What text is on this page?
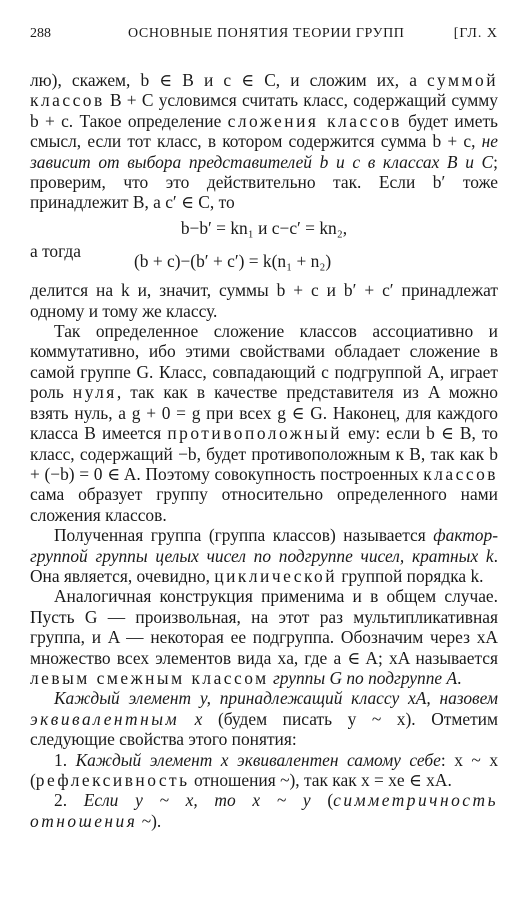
288	ОСНОВНЫЕ ПОНЯТИЯ ТЕОРИИ ГРУПП	[ГЛ. X

лю), скажем, b ∈ B и c ∈ C, и сложим их, а суммой классов B + C условимся считать класс, содержащий сумму b + c. Такое определение сложения классов будет иметь смысл, если тот класс, в котором содержится сумма b + c, не зависит от выбора представителей b и c в классах B и C; проверим, что это действительно так. Если b′ тоже принадлежит B, а c′ ∈ C, то

b−b′ = kn₁ и c−c′ = kn₂,
а тогда	(b + c)−(b′ + c′) = k(n₁ + n₂)

делится на k и, значит, суммы b + c и b′ + c′ принадлежат одному и тому же классу.

Так определенное сложение классов ассоциативно и коммутативно, ибо этими свойствами обладает сложение в самой группе G. Класс, совпадающий с подгруппой A, играет роль нуля, так как в качестве представителя из A можно взять нуль, а g + 0 = g при всех g ∈ G. Наконец, для каждого класса B имеется противоположный ему: если b ∈ B, то класс, содержащий −b, будет противоположным к B, так как b + (−b) = 0 ∈ A. Поэтому совокупность построенных классов сама образует группу относительно определенного нами сложения классов.

Полученная группа (группа классов) называется фактор-группой группы целых чисел по подгруппе чисел, кратных k. Она является, очевидно, циклической группой порядка k.

Аналогичная конструкция применима и в общем случае. Пусть G — произвольная, на этот раз мультипликативная группа, и A — некоторая ее подгруппа. Обозначим через xA множество всех элементов вида xa, где a ∈ A; xA называется левым смежным классом группы G по подгруппе A.

Каждый элемент y, принадлежащий классу xA, назовем эквивалентным x (будем писать y ~ x). Отметим следующие свойства этого понятия:

1. Каждый элемент x эквивалентен самому себе: x ~ x (рефлексивность отношения ~), так как x = xe ∈ xA.

2. Если y ~ x, то x ~ y (симметричность отношения ~).
